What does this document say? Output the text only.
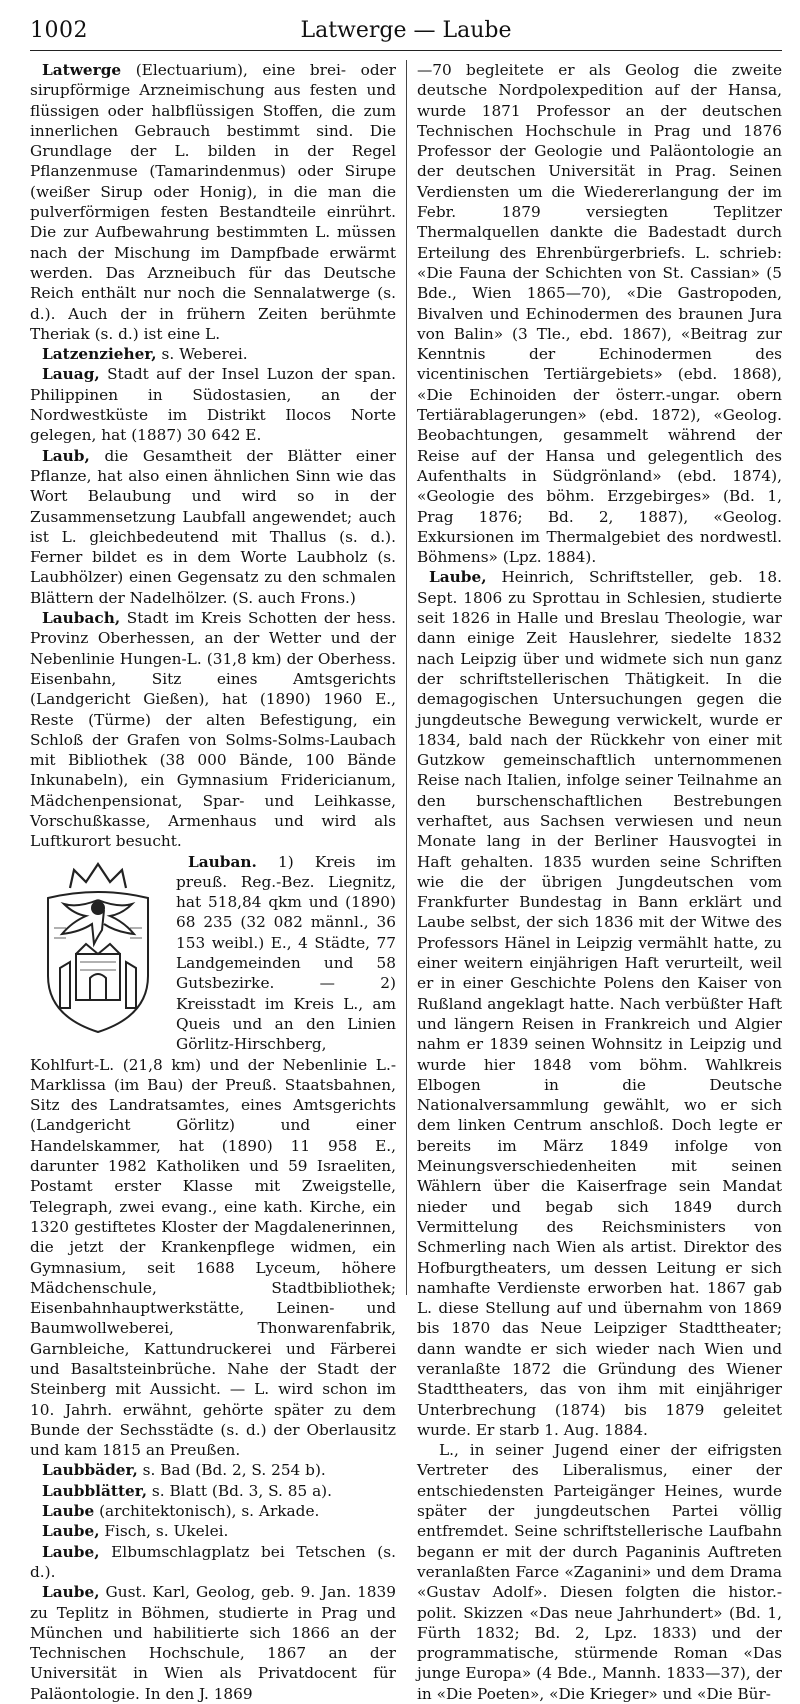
1002	Latwerge — Laube

Latwerge (Electuarium), eine brei- oder sirupförmige Arzneimischung aus festen und flüssigen oder halbflüssigen Stoffen, die zum innerlichen Gebrauch bestimmt sind. Die Grundlage der L. bilden in der Regel Pflanzenmuse (Tamarindenmus) oder Sirupe (weißer Sirup oder Honig), in die man die pulverförmigen festen Bestandteile einrührt. Die zur Aufbewahrung bestimmten L. müssen nach der Mischung im Dampfbade erwärmt werden. Das Arzneibuch für das Deutsche Reich enthält nur noch die Sennalatwerge (s. d.). Auch der in frühern Zeiten berühmte Theriak (s. d.) ist eine L.

Latzenzieher, s. Weberei.

Lauag, Stadt auf der Insel Luzon der span. Philippinen in Südostasien, an der Nordwestküste im Distrikt Ilocos Norte gelegen, hat (1887) 30 642 E.

Laub, die Gesamtheit der Blätter einer Pflanze, hat also einen ähnlichen Sinn wie das Wort Belaubung und wird so in der Zusammensetzung Laubfall angewendet; auch ist L. gleichbedeutend mit Thallus (s. d.). Ferner bildet es in dem Worte Laubholz (s. Laubhölzer) einen Gegensatz zu den schmalen Blättern der Nadelhölzer. (S. auch Frons.)

Laubach, Stadt im Kreis Schotten der hess. Provinz Oberhessen, an der Wetter und der Nebenlinie Hungen-L. (31,8 km) der Oberhess. Eisenbahn, Sitz eines Amtsgerichts (Landgericht Gießen), hat (1890) 1960 E., Reste (Türme) der alten Befestigung, ein Schloß der Grafen von Solms-Solms-Laubach mit Bibliothek (38 000 Bände, 100 Bände Inkunabeln), ein Gymnasium Fridericianum, Mädchenpensionat, Spar- und Leihkasse, Vorschußkasse, Armenhaus und wird als Luftkurort besucht.

Lauban. 1) Kreis im preuß. Reg.-Bez. Liegnitz, hat 518,84 qkm und (1890) 68 235 (32 082 männl., 36 153 weibl.) E., 4 Städte, 77 Landgemeinden und 58 Gutsbezirke. — 2) Kreisstadt im Kreis L., am Queis und an den Linien Görlitz-Hirschberg, Kohlfurt-L. (21,8 km) und der Nebenlinie L.-Marklissa (im Bau) der Preuß. Staatsbahnen, Sitz des Landratsamtes, eines Amtsgerichts (Landgericht Görlitz) und einer Handelskammer, hat (1890) 11 958 E., darunter 1982 Katholiken und 59 Israeliten, Postamt erster Klasse mit Zweigstelle, Telegraph, zwei evang., eine kath. Kirche, ein 1320 gestiftetes Kloster der Magdalenerinnen, die jetzt der Krankenpflege widmen, ein Gymnasium, seit 1688 Lyceum, höhere Mädchenschule, Stadtbibliothek; Eisenbahnhauptwerkstätte, Leinen- und Baumwollweberei, Thonwarenfabrik, Garnbleiche, Kattundruckerei und Färberei und Basaltsteinbrüche. Nahe der Stadt der Steinberg mit Aussicht. — L. wird schon im 10. Jahrh. erwähnt, gehörte später zu dem Bunde der Sechsstädte (s. d.) der Oberlausitz und kam 1815 an Preußen.

Laubbäder, s. Bad (Bd. 2, S. 254 b).

Laubblätter, s. Blatt (Bd. 3, S. 85 a).

Laube (architektonisch), s. Arkade.

Laube, Fisch, s. Ukelei.

Laube, Elbumschlagplatz bei Tetschen (s. d.).

Laube, Gust. Karl, Geolog, geb. 9. Jan. 1839 zu Teplitz in Böhmen, studierte in Prag und München und habilitierte sich 1866 an der Technischen Hochschule, 1867 an der Universität in Wien als Privatdocent für Paläontologie. In den J. 1869

—70 begleitete er als Geolog die zweite deutsche Nordpolexpedition auf der Hansa, wurde 1871 Professor an der deutschen Technischen Hochschule in Prag und 1876 Professor der Geologie und Paläontologie an der deutschen Universität in Prag. Seinen Verdiensten um die Wiedererlangung der im Febr. 1879 versiegten Teplitzer Thermalquellen dankte die Badestadt durch Erteilung des Ehrenbürgerbriefs. L. schrieb: «Die Fauna der Schichten von St. Cassian» (5 Bde., Wien 1865—70), «Die Gastropoden, Bivalven und Echinodermen des braunen Jura von Balin» (3 Tle., ebd. 1867), «Beitrag zur Kenntnis der Echinodermen des vicentinischen Tertiärgebiets» (ebd. 1868), «Die Echinoiden der österr.-ungar. obern Tertiärablagerungen» (ebd. 1872), «Geolog. Beobachtungen, gesammelt während der Reise auf der Hansa und gelegentlich des Aufenthalts in Südgrönland» (ebd. 1874), «Geologie des böhm. Erzgebirges» (Bd. 1, Prag 1876; Bd. 2, 1887), «Geolog. Exkursionen im Thermalgebiet des nordwestl. Böhmens» (Lpz. 1884).

Laube, Heinrich, Schriftsteller, geb. 18. Sept. 1806 zu Sprottau in Schlesien, studierte seit 1826 in Halle und Breslau Theologie, war dann einige Zeit Hauslehrer, siedelte 1832 nach Leipzig über und widmete sich nun ganz der schriftstellerischen Thätigkeit. In die demagogischen Untersuchungen gegen die jungdeutsche Bewegung verwickelt, wurde er 1834, bald nach der Rückkehr von einer mit Gutzkow gemeinschaftlich unternommenen Reise nach Italien, infolge seiner Teilnahme an den burschenschaftlichen Bestrebungen verhaftet, aus Sachsen verwiesen und neun Monate lang in der Berliner Hausvogtei in Haft gehalten. 1835 wurden seine Schriften wie die der übrigen Jungdeutschen vom Frankfurter Bundestag in Bann erklärt und Laube selbst, der sich 1836 mit der Witwe des Professors Hänel in Leipzig vermählt hatte, zu einer weitern einjährigen Haft verurteilt, weil er in einer Geschichte Polens den Kaiser von Rußland angeklagt hatte. Nach verbüßter Haft und längern Reisen in Frankreich und Algier nahm er 1839 seinen Wohnsitz in Leipzig und wurde hier 1848 vom böhm. Wahlkreis Elbogen in die Deutsche Nationalversammlung gewählt, wo er sich dem linken Centrum anschloß. Doch legte er bereits im März 1849 infolge von Meinungsverschiedenheiten mit seinen Wählern über die Kaiserfrage sein Mandat nieder und begab sich 1849 durch Vermittelung des Reichsministers von Schmerling nach Wien als artist. Direktor des Hofburgtheaters, um dessen Leitung er sich namhafte Verdienste erworben hat. 1867 gab L. diese Stellung auf und übernahm von 1869 bis 1870 das Neue Leipziger Stadttheater; dann wandte er sich wieder nach Wien und veranlaßte 1872 die Gründung des Wiener Stadttheaters, das von ihm mit einjähriger Unterbrechung (1874) bis 1879 geleitet wurde. Er starb 1. Aug. 1884.

L., in seiner Jugend einer der eifrigsten Vertreter des Liberalismus, einer der entschiedensten Parteigänger Heines, wurde später der jungdeutschen Partei völlig entfremdet. Seine schriftstellerische Laufbahn begann er mit der durch Paganinis Auftreten veranlaßten Farce «Zaganini» und dem Drama «Gustav Adolf». Diesen folgten die histor.-polit. Skizzen «Das neue Jahrhundert» (Bd. 1, Fürth 1832; Bd. 2, Lpz. 1833) und der programmatische, stürmende Roman «Das junge Europa» (4 Bde., Mannh. 1833—37), der in «Die Poeten», «Die Krieger» und «Die Bür-
